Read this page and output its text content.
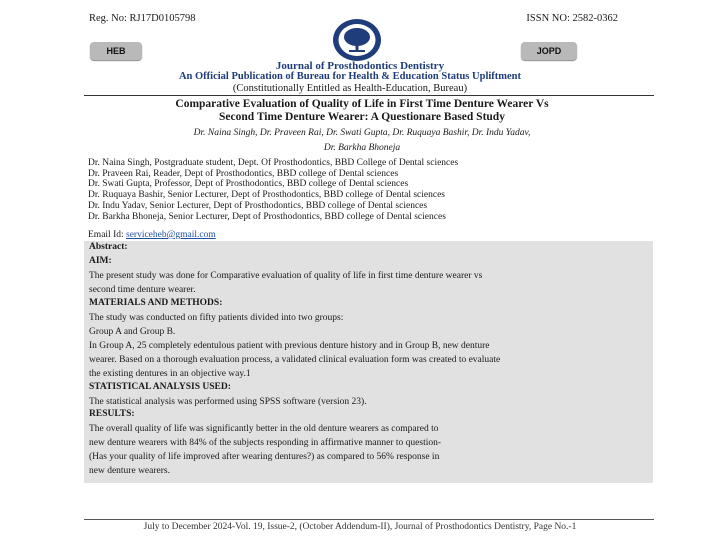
Reg. No: RJ17D0105798	ISSN NO: 2582-0362
HEB	JOPD
Journal of Prosthodontics Dentistry
An Official Publication of Bureau for Health & Education Status Upliftment
(Constitutionally Entitled as Health-Education, Bureau)
Comparative Evaluation of Quality of Life in First Time Denture Wearer Vs
Second Time Denture Wearer: A Questionare Based Study
Dr. Naina Singh, Dr. Praveen Rai, Dr. Swati Gupta, Dr. Ruquaya Bashir, Dr. Indu Yadav,
Dr. Barkha Bhoneja
Dr. Naina Singh, Postgraduate student, Dept. Of Prosthodontics, BBD College of Dental sciences
Dr. Praveen Rai, Reader, Dept of Prosthodontics, BBD college of Dental sciences
Dr. Swati Gupta, Professor, Dept of Prosthodontics, BBD college of Dental sciences
Dr. Ruquaya Bashir, Senior Lecturer, Dept of Prosthodontics, BBD college of Dental sciences
Dr. Indu Yadav, Senior Lecturer, Dept of Prosthodontics, BBD college of Dental sciences
Dr. Barkha Bhoneja, Senior Lecturer, Dept of Prosthodontics, BBD college of Dental sciences
Email Id: serviceheb@gmail.com
Abstract:
AIM:
The present study was done for Comparative evaluation of quality of life in first time denture wearer vs
second time denture wearer.
MATERIALS AND METHODS:
The study was conducted on fifty patients divided into two groups:
Group A and Group B.
In Group A, 25 completely edentulous patient with previous denture history and in Group B, new denture
wearer. Based on a thorough evaluation process, a validated clinical evaluation form was created to evaluate
the existing dentures in an objective way.1
STATISTICAL ANALYSIS USED:
The statistical analysis was performed using SPSS software (version 23).
RESULTS:
The overall quality of life was significantly better in the old denture wearers as compared to
new denture wearers with 84% of the subjects responding in affirmative manner to question-
(Has your quality of life improved after wearing dentures?) as compared to 56% response in
new denture wearers.
July to December 2024-Vol. 19, Issue-2, (October Addendum-II), Journal of Prosthodontics Dentistry, Page No.-1
